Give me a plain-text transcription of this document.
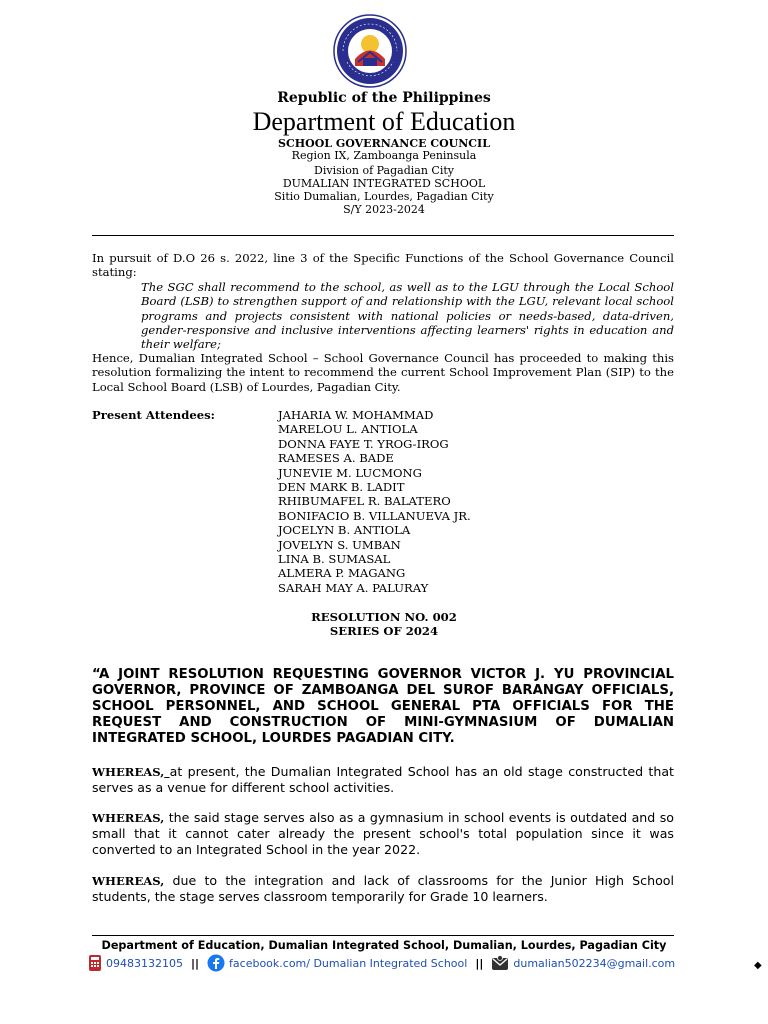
Republic of the Philippines
Department of Education
SCHOOL GOVERNANCE COUNCIL
Region IX, Zamboanga Peninsula
Division of Pagadian City
DUMALIAN INTEGRATED SCHOOL
Sitio Dumalian, Lourdes, Pagadian City
S/Y 2023-2024
In pursuit of D.O 26 s. 2022, line 3 of the Specific Functions of the School Governance Council stating:
The SGC shall recommend to the school, as well as to the LGU through the Local School Board (LSB) to strengthen support of and relationship with the LGU, relevant local school programs and projects consistent with national policies or needs-based, data-driven, gender-responsive and inclusive interventions affecting learners' rights in education and their welfare;
Hence, Dumalian Integrated School – School Governance Council has proceeded to making this resolution formalizing the intent to recommend the current School Improvement Plan (SIP) to the Local School Board (LSB) of Lourdes, Pagadian City.
Present Attendees:	JAHARIA W. MOHAMMAD
MARELOU L. ANTIOLA
DONNA FAYE T. YROG-IROG
RAMESES A. BADE
JUNEVIE M. LUCMONG
DEN MARK B. LADIT
RHIBUMAFEL R. BALATERO
BONIFACIO B. VILLANUEVA JR.
JOCELYN B. ANTIOLA
JOVELYN S. UMBAN
LINA B. SUMASAL
ALMERA P. MAGANG
SARAH MAY A. PALURAY
RESOLUTION NO. 002
SERIES OF 2024
“A JOINT RESOLUTION REQUESTING GOVERNOR VICTOR J. YU PROVINCIAL GOVERNOR, PROVINCE OF ZAMBOANGA DEL SUROF BARANGAY OFFICIALS, SCHOOL PERSONNEL, AND SCHOOL GENERAL PTA OFFICIALS FOR THE REQUEST AND CONSTRUCTION OF MINI-GYMNASIUM OF DUMALIAN INTEGRATED SCHOOL, LOURDES PAGADIAN CITY.
WHEREAS, at present, the Dumalian Integrated School has an old stage constructed that serves as a venue for different school activities.
WHEREAS, the said stage serves also as a gymnasium in school events is outdated and so small that it cannot cater already the present school's total population since it was converted to an Integrated School in the year 2022.
WHEREAS, due to the integration and lack of classrooms for the Junior High School students, the stage serves classroom temporarily for Grade 10 learners.
Department of Education, Dumalian Integrated School, Dumalian, Lourdes, Pagadian City
09483132105 ||	facebook.com/ Dumalian Integrated School ||	dumalian502234@gmail.com	◆
